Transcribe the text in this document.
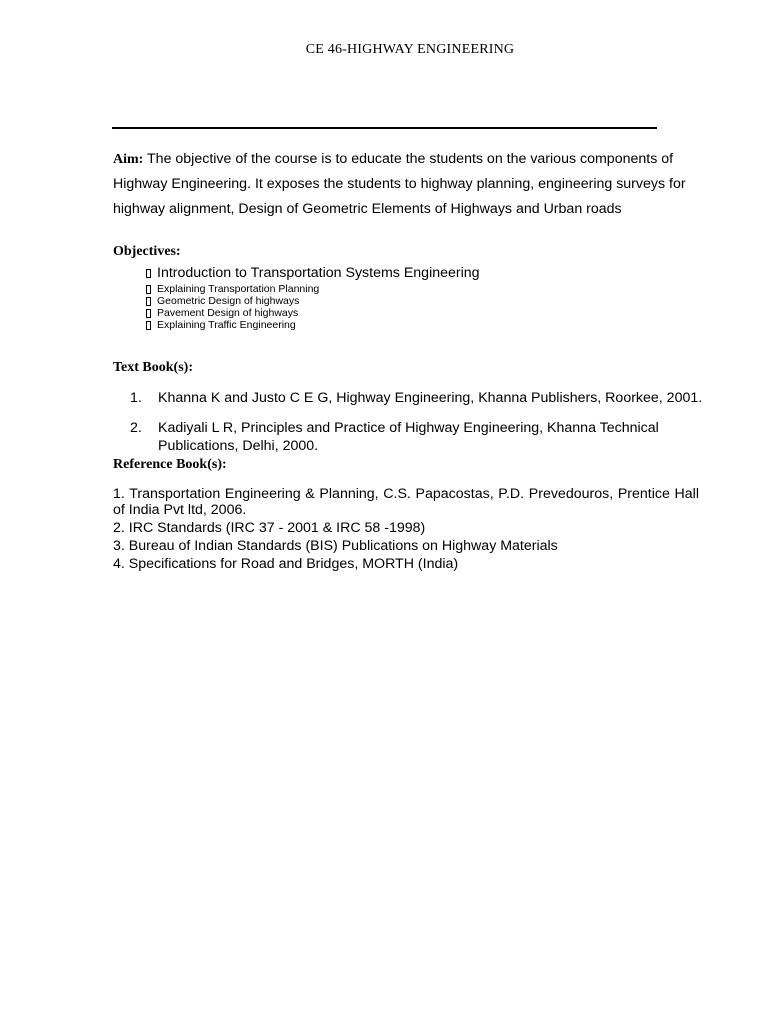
CE 46-HIGHWAY ENGINEERING
Aim: The objective of the course is to educate the students on the various components of Highway Engineering. It exposes the students to highway planning, engineering surveys for highway alignment, Design of Geometric Elements of Highways and Urban roads
Objectives:
Introduction to Transportation Systems Engineering
Explaining Transportation Planning
Geometric Design of highways
Pavement Design of highways
Explaining Traffic Engineering
Text Book(s):
1.	Khanna K and Justo C E G, Highway Engineering, Khanna Publishers, Roorkee, 2001.
2.	Kadiyali L R, Principles and Practice of Highway Engineering, Khanna Technical Publications, Delhi, 2000.
Reference Book(s):
1. Transportation Engineering & Planning, C.S. Papacostas, P.D. Prevedouros, Prentice Hall of India Pvt ltd, 2006.
2. IRC Standards (IRC 37 - 2001 & IRC 58 -1998)
3. Bureau of Indian Standards (BIS) Publications on Highway Materials
4. Specifications for Road and Bridges, MORTH (India)
